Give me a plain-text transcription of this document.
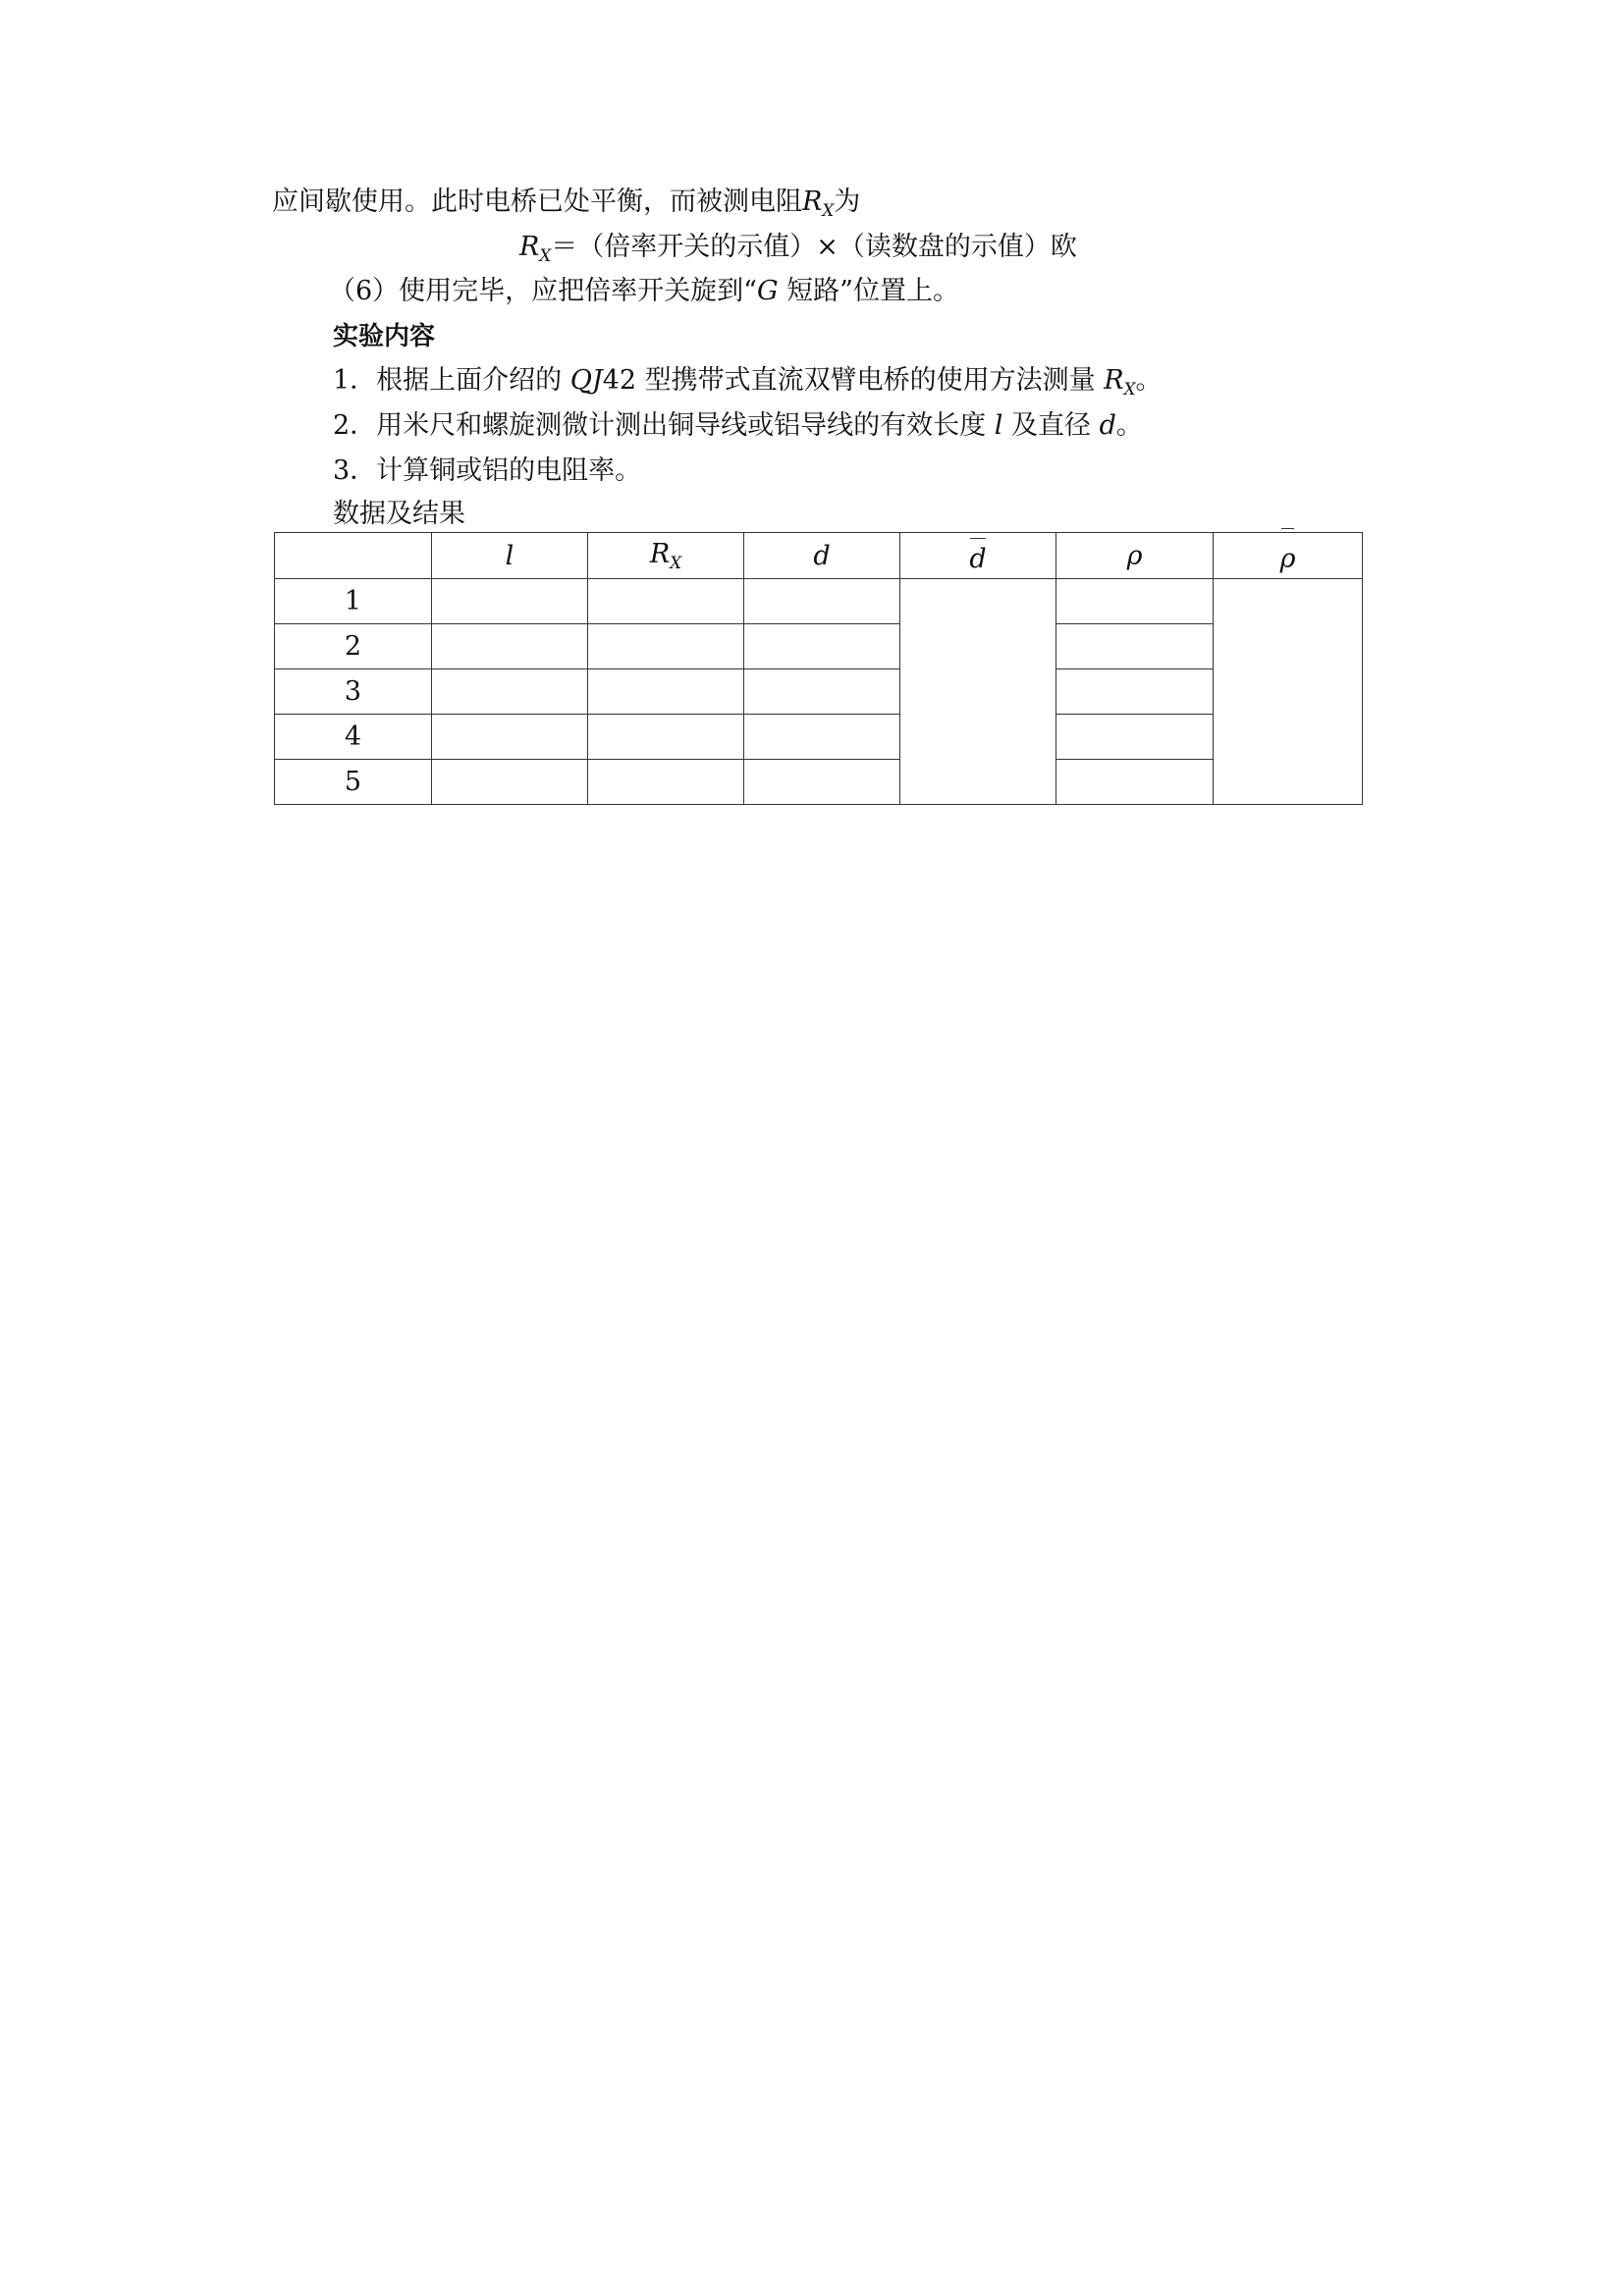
应间歇使用。此时电桥已处平衡，而被测电阻$R_X$为
$R_X=$（倍率开关的示值）×（读数盘的示值）欧
（6）使用完毕，应把倍率开关旋到“G 短路”位置上。
实验内容
1．根据上面介绍的 QJ42 型携带式直流双臂电桥的使用方法测量 $R_X$。
2．用米尺和螺旋测微计测出铜导线或铝导线的有效长度 l 及直径 d。
3．计算铜或铝的电阻率。
数据及结果
	l	$R_X$	d	d	ρ	ρ
1						
2						
3						
4						
5						
